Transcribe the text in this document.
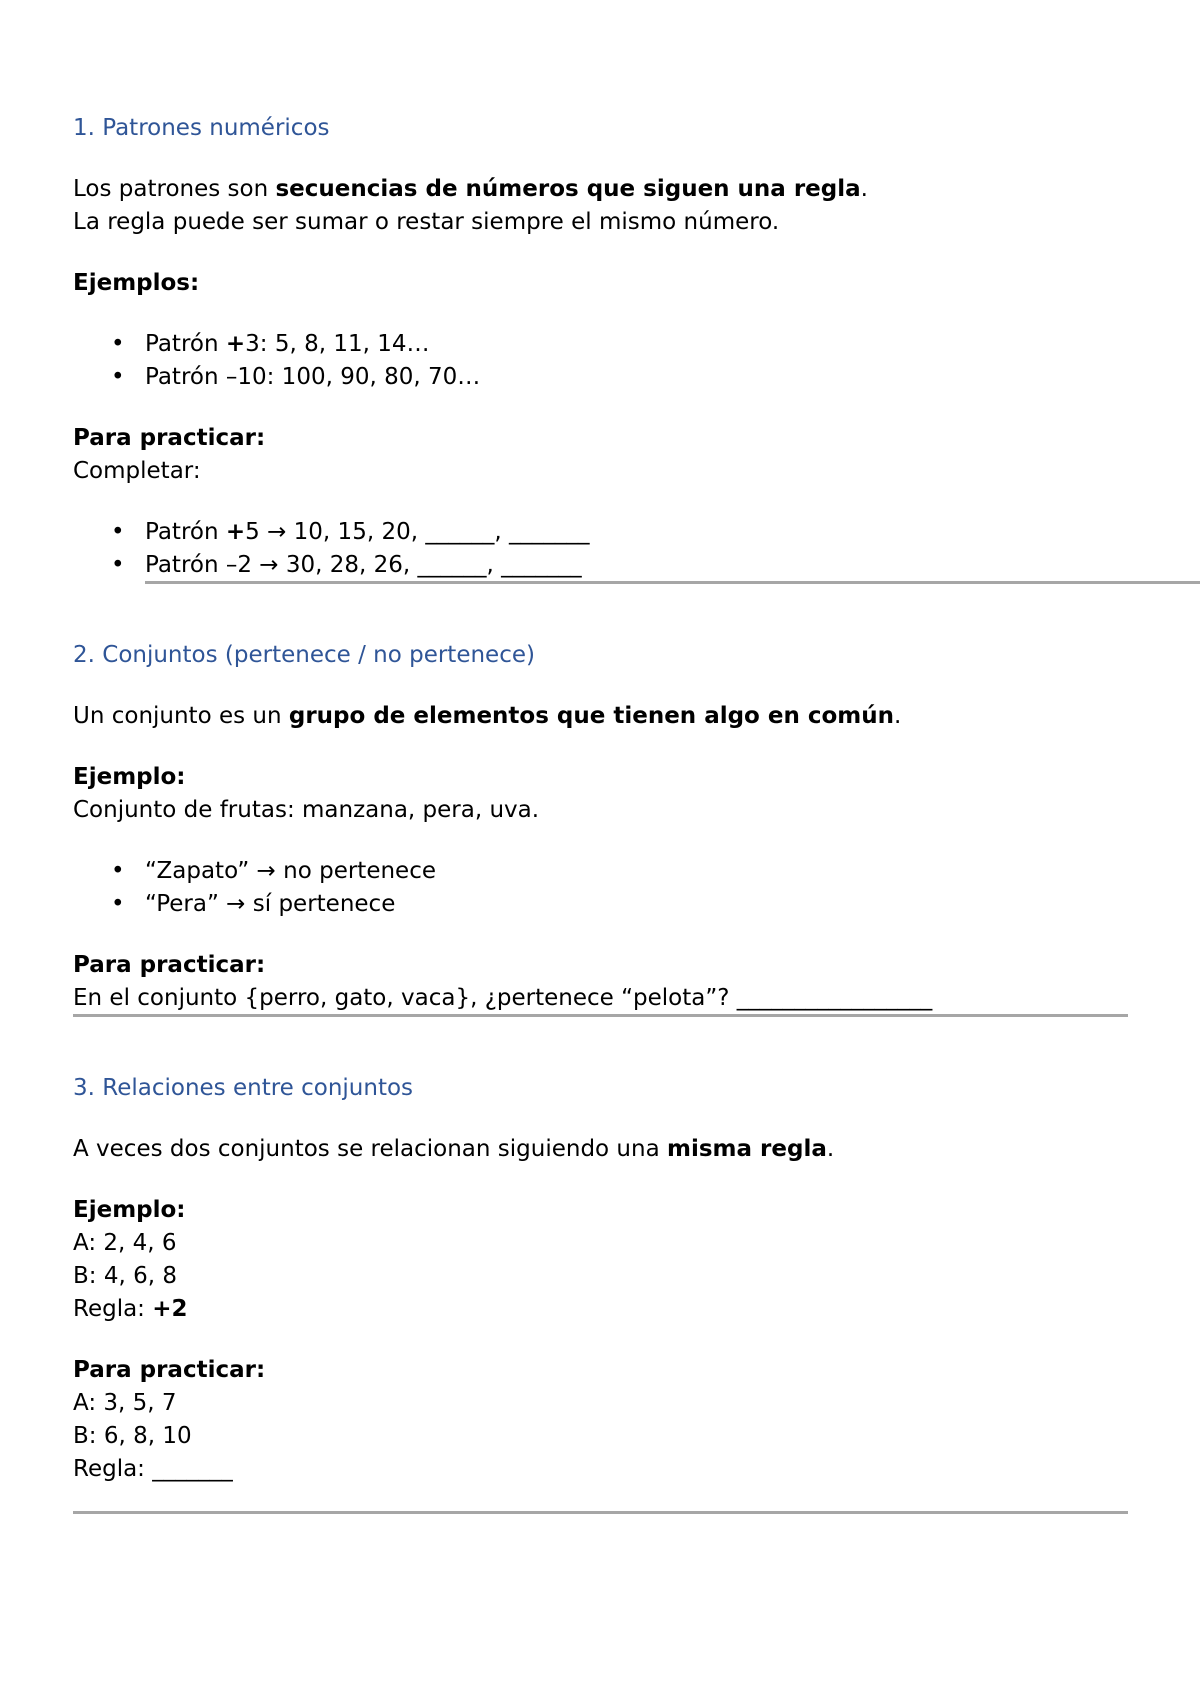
1. Patrones numéricos
Los patrones son secuencias de números que siguen una regla.
La regla puede ser sumar o restar siempre el mismo número.
Ejemplos:
• Patrón +3: 5, 8, 11, 14…
• Patrón –10: 100, 90, 80, 70…
Para practicar:
Completar:
• Patrón +5 → 10, 15, 20, ______, _______
• Patrón –2 → 30, 28, 26, ______, _______
2. Conjuntos (pertenece / no pertenece)
Un conjunto es un grupo de elementos que tienen algo en común.
Ejemplo:
Conjunto de frutas: manzana, pera, uva.
• “Zapato” → no pertenece
• “Pera” → sí pertenece
Para practicar:
En el conjunto {perro, gato, vaca}, ¿pertenece “pelota”? _________________
3. Relaciones entre conjuntos
A veces dos conjuntos se relacionan siguiendo una misma regla.
Ejemplo:
A: 2, 4, 6
B: 4, 6, 8
Regla: +2
Para practicar:
A: 3, 5, 7
B: 6, 8, 10
Regla: _______
